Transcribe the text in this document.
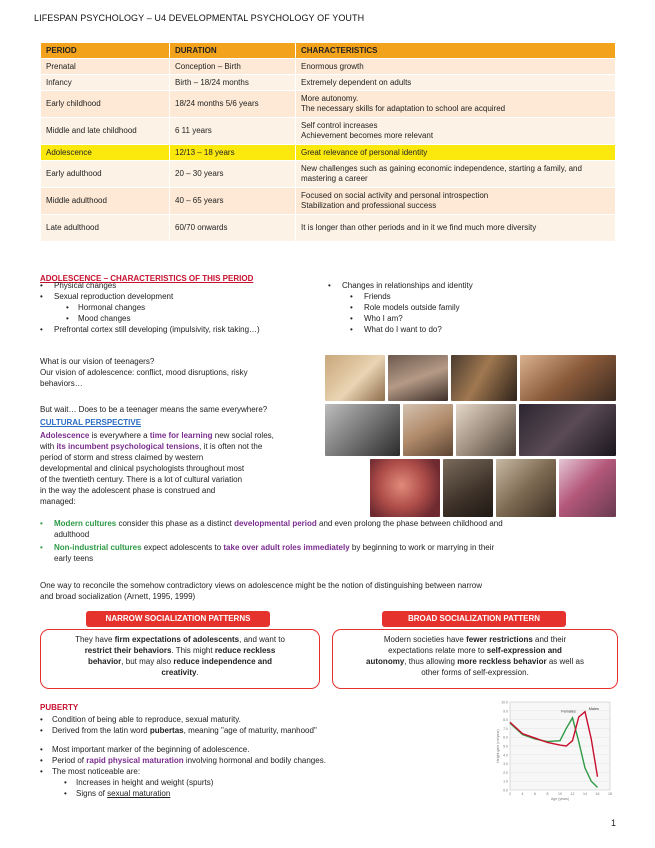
LIFESPAN PSYCHOLOGY – U4 DEVELOPMENTAL PSYCHOLOGY OF YOUTH
PERIOD	DURATION	CHARACTERISTICS
Prenatal	Conception – Birth	Enormous growth
Infancy	Birth – 18/24 months	Extremely dependent on adults
Early childhood	18/24 months 5/6 years	More autonomy.
The necessary skills for adaptation to school are acquired
Middle and late childhood	6 11 years	Self control increases
Achievement becomes more relevant
Adolescence	12/13 – 18 years	Great relevance of personal identity
Early adulthood	20 – 30 years	New challenges such as gaining economic independence, starting a family, and mastering a career
Middle adulthood	40 – 65 years	Focused on social activity and personal introspection
Stabilization and professional success
Late adulthood	60/70 onwards	It is longer than other periods and in it we find much more diversity
ADOLESCENCE – CHARACTERISTICS OF THIS PERIOD
• Physical changes
• Sexual reproduction development
• Hormonal changes
• Mood changes
• Prefrontal cortex still developing (impulsivity, risk taking…)
• Changes in relationships and identity
• Friends
• Role models outside family
• Who I am?
• What do I want to do?
What is our vision of teenagers?
Our vision of adolescence: conflict, mood disruptions, risky
behaviors…
But wait… Does to be a teenager means the same everywhere?
CULTURAL PERSPECTIVE
Adolescence is everywhere a time for learning new social roles,
with its incumbent psychological tensions, it is often not the
period of storm and stress claimed by western
developmental and clinical psychologists throughout most
of the twentieth century. There is a lot of cultural variation
in the way the adolescent phase is construed and
managed:
• Modern cultures consider this phase as a distinct developmental period and even prolong the phase between childhood and
adulthood
• Non-industrial cultures expect adolescents to take over adult roles immediately by beginning to work or marrying in their
early teens
One way to reconcile the somehow contradictory views on adolescence might be the notion of distinguishing between narrow
and broad socialization (Arnett, 1995, 1999)
NARROW SOCIALIZATION PATTERNS	BROAD SOCIALIZATION PATTERN
They have firm expectations of adolescents, and want to
restrict their behaviors. This might reduce reckless
behavior, but may also reduce independence and
creativity.
Modern societies have fewer restrictions and their
expectations relate more to self-expression and
autonomy, thus allowing more reckless behavior as well as
other forms of self-expression.
PUBERTY
• Condition of being able to reproduce, sexual maturity.
• Derived from the latin word pubertas, meaning "age of maturity, manhood"
• Most important marker of the beginning of adolescence.
• Period of rapid physical maturation involving hormonal and bodily changes.
• The most noticeable are:
• Increases in height and weight (spurts)
• Signs of sexual maturation	0.0
1.0
2.0
3.0
4.0
5.0
6.0
7.0
8.0
9.0
10.0
2	4	6	8	10 12 14 16 18
Age (years)
Height gain (cm/year)
Females
Males
1
